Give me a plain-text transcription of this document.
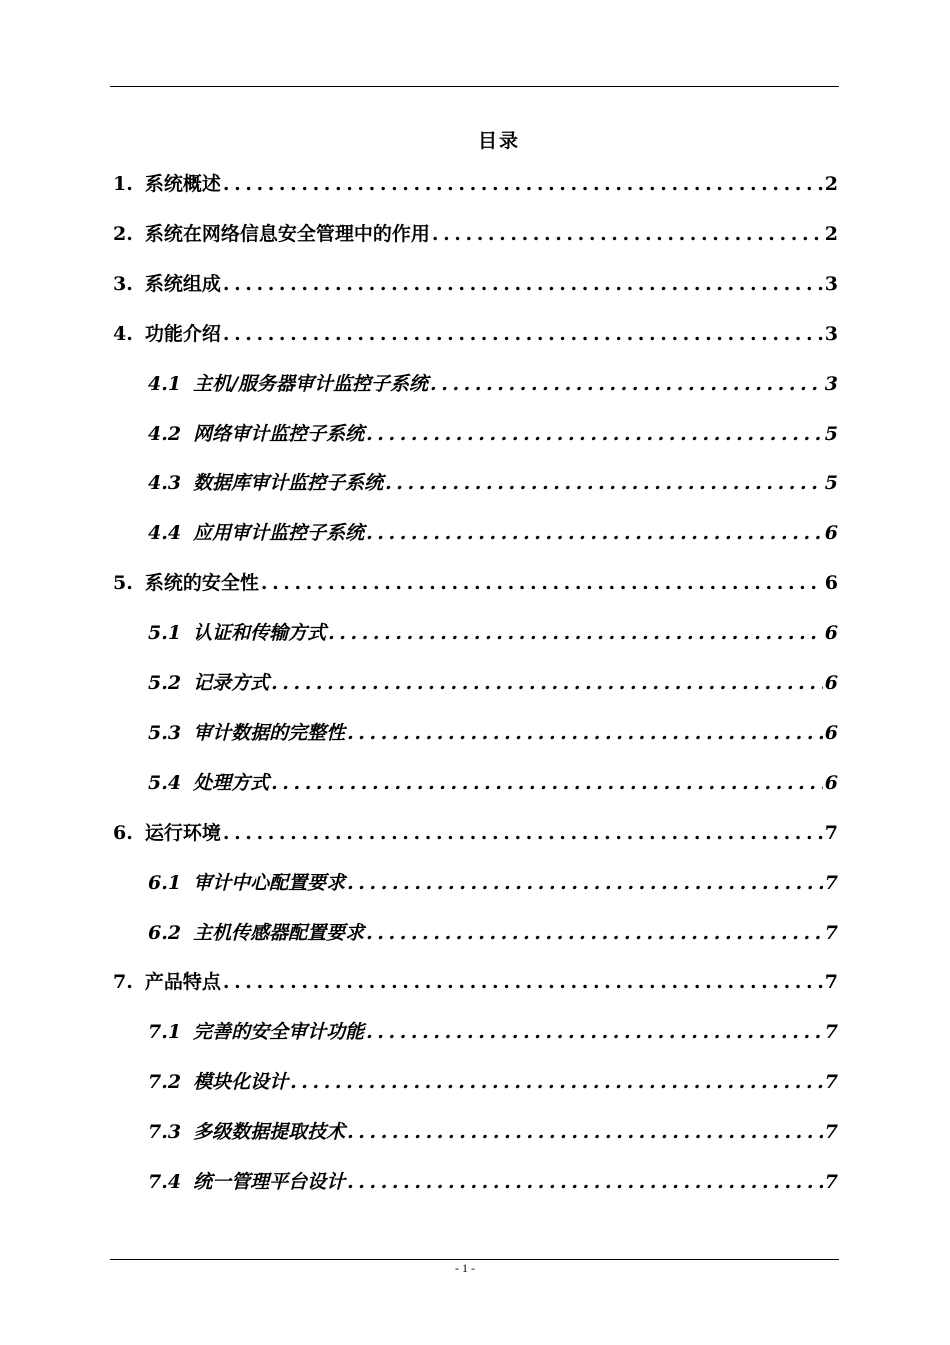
目录
1. 系统概述 .....	2
2. 系统在网络信息安全管理中的作用 .....	2
3. 系统组成 .....	3
4. 功能介绍 .....	3
4.1 主机/服务器审计监控子系统 .....	3
4.2 网络审计监控子系统 .....	5
4.3 数据库审计监控子系统 .....	5
4.4 应用审计监控子系统 .....	6
5. 系统的安全性 .....	6
5.1 认证和传输方式 .....	6
5.2 记录方式 .....	6
5.3 审计数据的完整性 .....	6
5.4 处理方式 .....	6
6. 运行环境 .....	7
6.1 审计中心配置要求 .....	7
6.2 主机传感器配置要求 .....	7
7. 产品特点 .....	7
7.1 完善的安全审计功能 .....	7
7.2 模块化设计 .....	7
7.3 多级数据提取技术 .....	7
7.4 统一管理平台设计 .....	7
- 1 -
